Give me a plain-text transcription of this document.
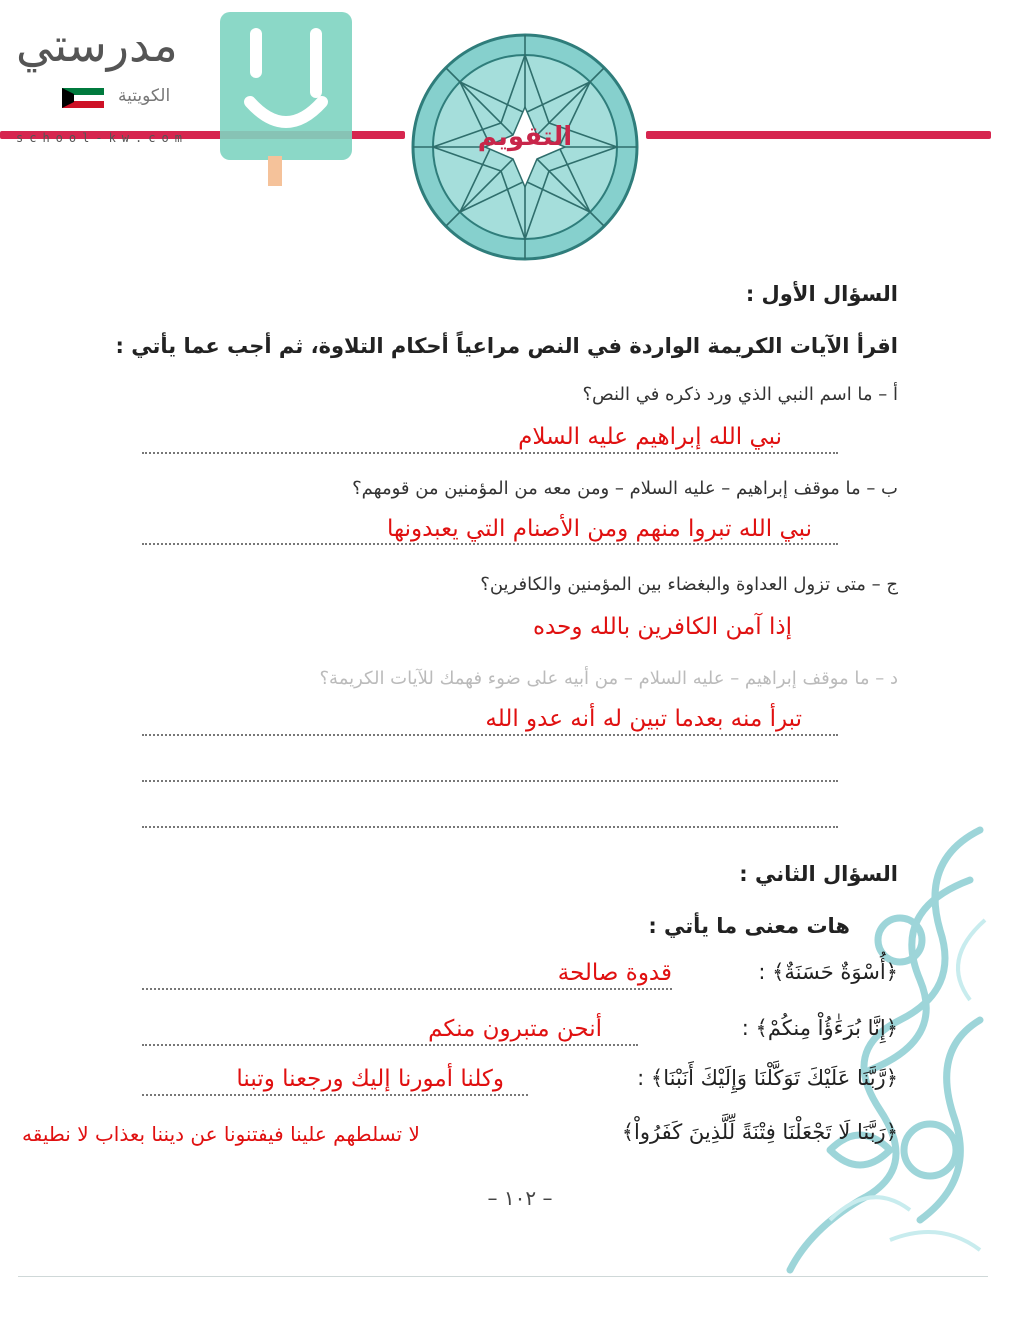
مدرستي
الكويتية
school-kw.com	التقويم
السؤال الأول :
اقرأ الآيات الكريمة الواردة في النص مراعياً أحكام التلاوة، ثم أجب عما يأتي :
أ – ما اسم النبي الذي ورد ذكره في النص؟
نبي الله إبراهيم عليه السلام
ب – ما موقف إبراهيم – عليه السلام – ومن معه من المؤمنين من قومهم؟
نبي الله تبروا منهم ومن الأصنام التي يعبدونها
ج – متى تزول العداوة والبغضاء بين المؤمنين والكافرين؟
إذا آمن الكافرين بالله وحده
د – ما موقف إبراهيم – عليه السلام – من أبيه على ضوء فهمك للآيات الكريمة؟
تبرأ منه بعدما تبين له أنه عدو الله
السؤال الثاني :
هات معنى ما يأتي :
﴿أُسْوَةٌ حَسَنَةٌ﴾ :
قدوة صالحة
﴿إِنَّا بُرَءَٰؤُاْ مِنكُمْ﴾ :
أنحن متبرون منكم
﴿رَّبَّنَا عَلَيْكَ تَوَكَّلْنَا وَإِلَيْكَ أَنَبْنَا﴾ :
وكلنا أمورنا إليك ورجعنا وتبنا
﴿رَبَّنَا لَا تَجْعَلْنَا فِتْنَةً لِّلَّذِينَ كَفَرُواْ﴾
لا تسلطهم علينا فيفتنونا عن ديننا بعذاب لا نطيقه
– ١٠٢ –
